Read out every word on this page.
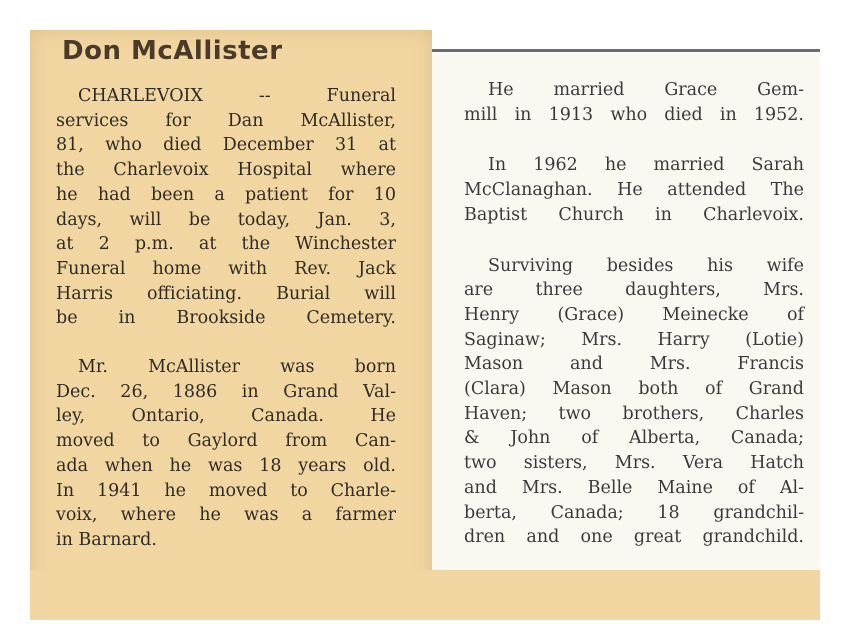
Don McAllister

CHARLEVOIX -- Funeral

services for Dan McAllister,

81, who died December 31 at

the Charlevoix Hospital where

he had been a patient for 10

days, will be today, Jan. 3,

at 2 p.m. at the Winchester

Funeral home with Rev. Jack

Harris officiating. Burial will

be in Brookside Cemetery.

Mr. McAllister was born

Dec. 26, 1886 in Grand Val-

ley, Ontario, Canada. He

moved to Gaylord from Can-

ada when he was 18 years old.

In 1941 he moved to Charle-

voix, where he was a farmer

in Barnard.

He married Grace Gem-

mill in 1913 who died in 1952.

In 1962 he married Sarah

McClanaghan. He attended The

Baptist Church in Charlevoix.

Surviving besides his wife

are three daughters, Mrs.

Henry (Grace) Meinecke of

Saginaw; Mrs. Harry (Lotie)

Mason and Mrs. Francis

(Clara) Mason both of Grand

Haven; two brothers, Charles

& John of Alberta, Canada;

two sisters, Mrs. Vera Hatch

and Mrs. Belle Maine of Al-

berta, Canada; 18 grandchil-

dren and one great grandchild.
